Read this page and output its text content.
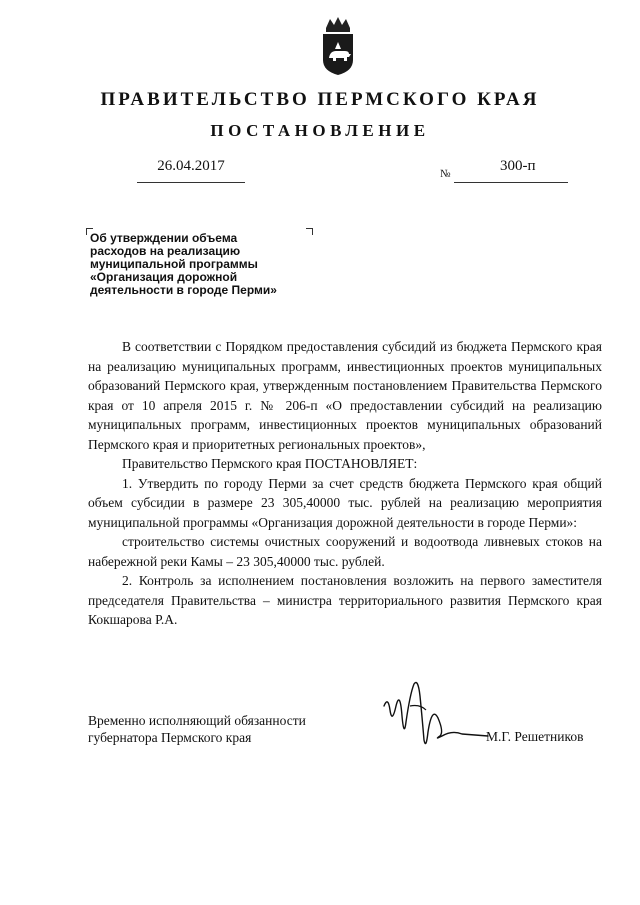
ПРАВИТЕЛЬСТВО ПЕРМСКОГО КРАЯ
ПОСТАНОВЛЕНИЕ
26.04.2017	№	300-п
Об утверждении объема
расходов на реализацию
муниципальной программы
«Организация дорожной
деятельности в городе Перми»

В соответствии с Порядком предоставления субсидий из бюджета Пермского края на реализацию муниципальных программ, инвестиционных проектов муниципальных образований Пермского края, утвержденным постановлением Правительства Пермского края от 10 апреля 2015 г. № 206-п «О предоставлении субсидий на реализацию муниципальных программ, инвестиционных проектов муниципальных образований Пермского края и приоритетных региональных проектов»,

Правительство Пермского края ПОСТАНОВЛЯЕТ:

1. Утвердить по городу Перми за счет средств бюджета Пермского края общий объем субсидии в размере 23 305,40000 тыс. рублей на реализацию мероприятия муниципальной программы «Организация дорожной деятельности в городе Перми»:

строительство системы очистных сооружений и водоотвода ливневых стоков на набережной реки Камы – 23 305,40000 тыс. рублей.

2. Контроль за исполнением постановления возложить на первого заместителя председателя Правительства – министра территориального развития Пермского края Кокшарова Р.А.

Временно исполняющий обязанности
губернатора Пермского края	М.Г. Решетников
